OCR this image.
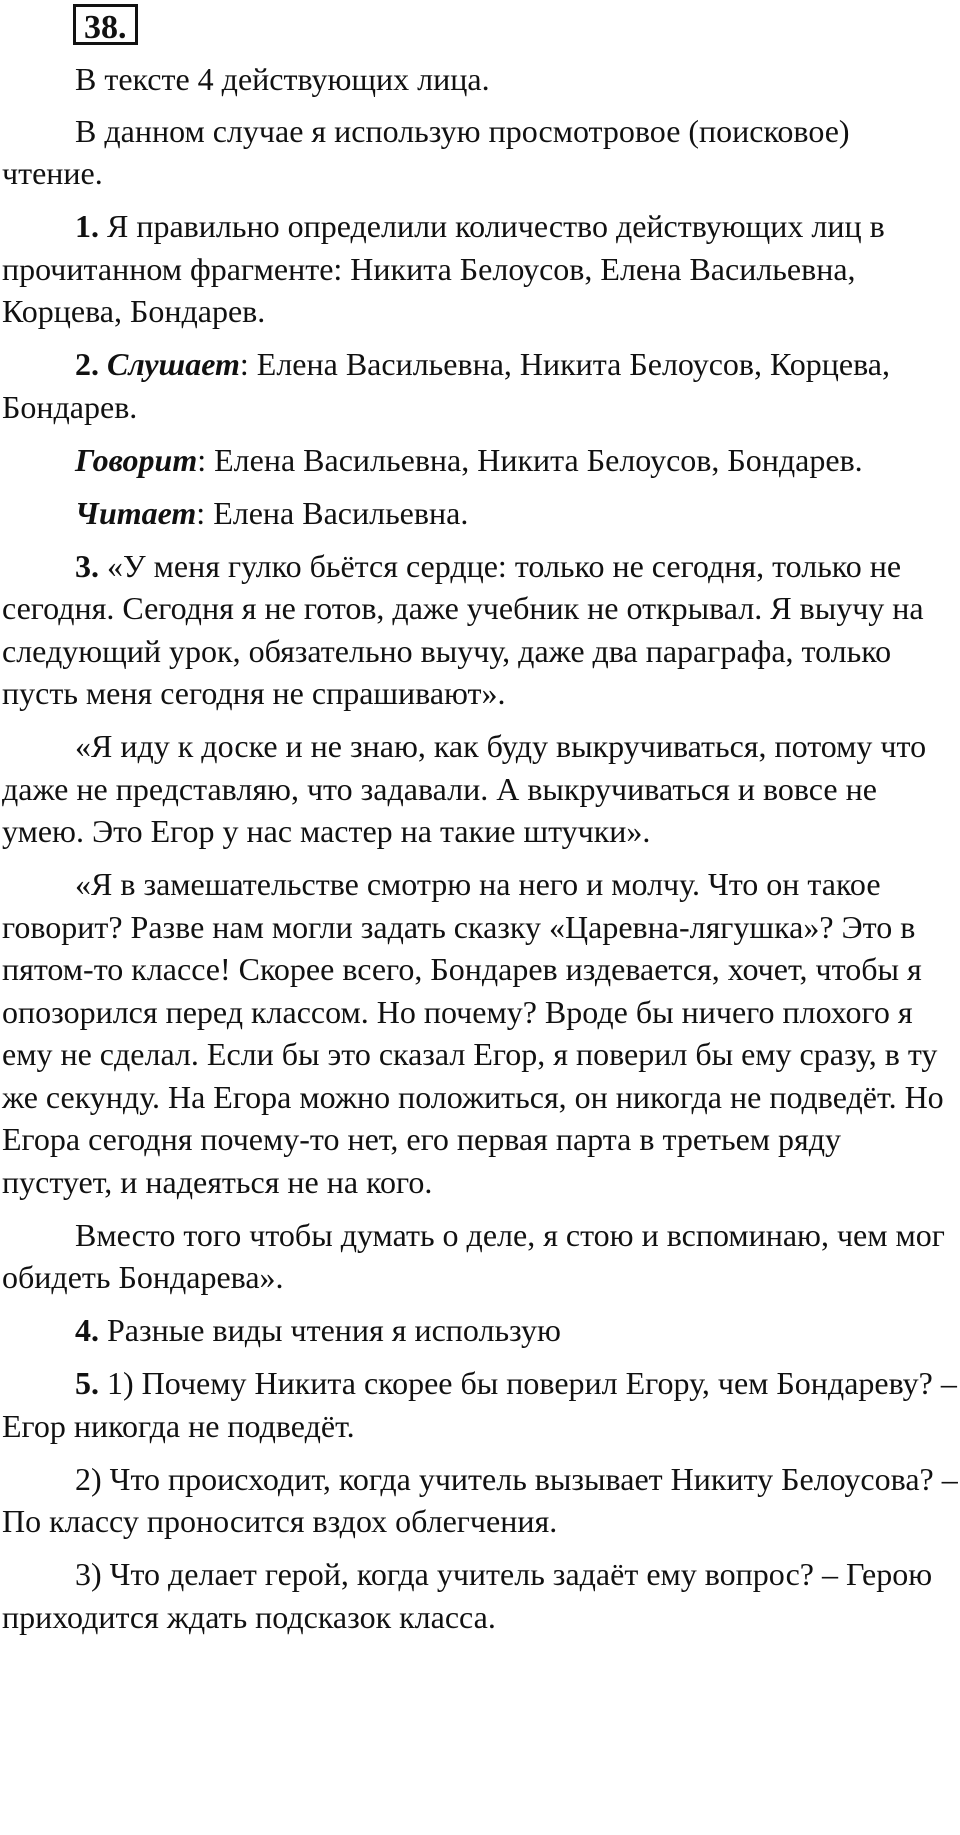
38.

В тексте 4 действующих лица.

В данном случае я использую просмотровое (поисковое) чтение.

1. Я правильно определили количество действующих лиц в прочитанном фрагменте: Никита Белоусов, Елена Васильевна, Корцева, Бондарев.

2. Слушает: Елена Васильевна, Никита Белоусов, Корцева, Бондарев.

Говорит: Елена Васильевна, Никита Белоусов, Бондарев.

Читает: Елена Васильевна.

3. «У меня гулко бьётся сердце: только не сегодня, только не сегодня. Сегодня я не готов, даже учебник не открывал. Я выучу на следующий урок, обязательно выучу, даже два параграфа, только пусть меня сегодня не спрашивают».

«Я иду к доске и не знаю, как буду выкручиваться, потому что даже не представляю, что задавали. А выкручиваться и вовсе не умею. Это Егор у нас мастер на такие штучки».

«Я в замешательстве смотрю на него и молчу. Что он такое говорит? Разве нам могли задать сказку «Царевна-лягушка»? Это в пятом-то классе! Скорее всего, Бондарев издевается, хочет, чтобы я опозорился перед классом. Но почему? Вроде бы ничего плохого я ему не сделал. Если бы это сказал Егор, я поверил бы ему сразу, в ту же секунду. На Егора можно положиться, он никогда не подведёт. Но Егора сегодня почему-то нет, его первая парта в третьем ряду пустует, и надеяться не на кого.

Вместо того чтобы думать о деле, я стою и вспоминаю, чем мог обидеть Бондарева».

4. Разные виды чтения я использую

5. 1) Почему Никита скорее бы поверил Егору, чем Бондареву? – Егор никогда не подведёт.

2) Что происходит, когда учитель вызывает Никиту Белоусова? – По классу проносится вздох облегчения.

3) Что делает герой, когда учитель задаёт ему вопрос? – Герою приходится ждать подсказок класса.
